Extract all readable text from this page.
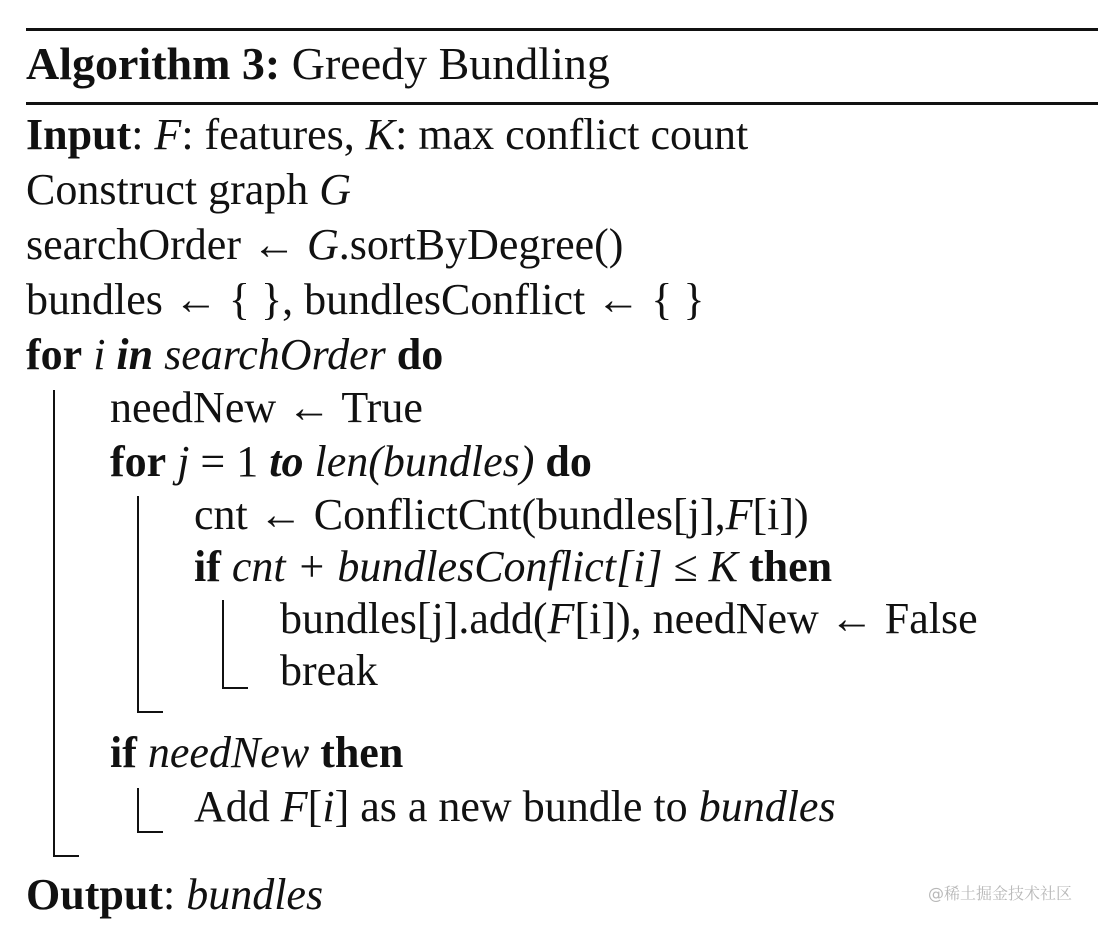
Algorithm 3: Greedy Bundling
Input: F: features, K: max conflict count
Construct graph G
searchOrder ← G.sortByDegree()
bundles ← { }, bundlesConflict ← { }
for i in searchOrder do
needNew ← True
for j = 1 to len(bundles) do
cnt ← ConflictCnt(bundles[j],F[i])
if cnt + bundlesConflict[i] ≤ K then
bundles[j].add(F[i]), needNew ← False
break
if needNew then
Add F[i] as a new bundle to bundles
Output: bundles	@稀土掘金技术社区
